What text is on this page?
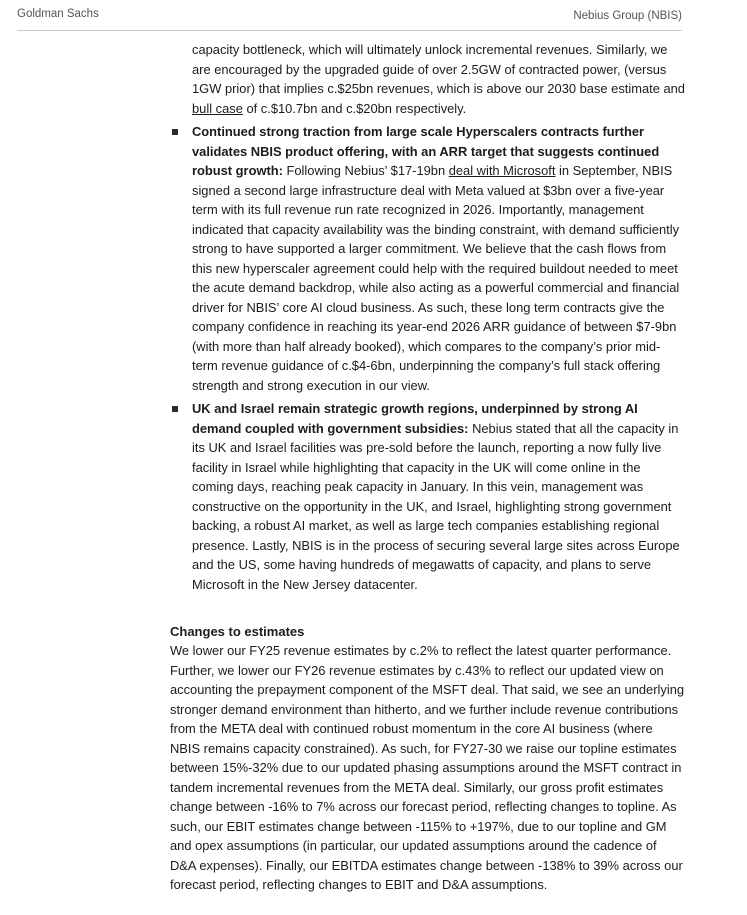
Goldman Sachs	Nebius Group (NBIS)

capacity bottleneck, which will ultimately unlock incremental revenues. Similarly, we are encouraged by the upgraded guide of over 2.5GW of contracted power, (versus 1GW prior) that implies c.$25bn revenues, which is above our 2030 base estimate and bull case of c.$10.7bn and c.$20bn respectively.

Continued strong traction from large scale Hyperscalers contracts further validates NBIS product offering, with an ARR target that suggests continued robust growth: Following Nebius’ $17-19bn deal with Microsoft in September, NBIS signed a second large infrastructure deal with Meta valued at $3bn over a five-year term with its full revenue run rate recognized in 2026. Importantly, management indicated that capacity availability was the binding constraint, with demand sufficiently strong to have supported a larger commitment. We believe that the cash flows from this new hyperscaler agreement could help with the required buildout needed to meet the acute demand backdrop, while also acting as a powerful commercial and financial driver for NBIS’ core AI cloud business. As such, these long term contracts give the company confidence in reaching its year-end 2026 ARR guidance of between $7-9bn (with more than half already booked), which compares to the company’s prior mid-term revenue guidance of c.$4-6bn, underpinning the company’s full stack offering strength and strong execution in our view.

UK and Israel remain strategic growth regions, underpinned by strong AI demand coupled with government subsidies: Nebius stated that all the capacity in its UK and Israel facilities was pre-sold before the launch, reporting a now fully live facility in Israel while highlighting that capacity in the UK will come online in the coming days, reaching peak capacity in January. In this vein, management was constructive on the opportunity in the UK, and Israel, highlighting strong government backing, a robust AI market, as well as large tech companies establishing regional presence. Lastly, NBIS is in the process of securing several large sites across Europe and the US, some having hundreds of megawatts of capacity, and plans to serve Microsoft in the New Jersey datacenter.

Changes to estimates

We lower our FY25 revenue estimates by c.2% to reflect the latest quarter performance. Further, we lower our FY26 revenue estimates by c.43% to reflect our updated view on accounting the prepayment component of the MSFT deal. That said, we see an underlying stronger demand environment than hitherto, and we further include revenue contributions from the META deal with continued robust momentum in the core AI business (where NBIS remains capacity constrained). As such, for FY27-30 we raise our topline estimates between 15%-32% due to our updated phasing assumptions around the MSFT contract in tandem incremental revenues from the META deal. Similarly, our gross profit estimates change between -16% to 7% across our forecast period, reflecting changes to topline. As such, our EBIT estimates change between -115% to +197%, due to our topline and GM and opex assumptions (in particular, our updated assumptions around the cadence of D&A expenses). Finally, our EBITDA estimates change between -138% to 39% across our forecast period, reflecting changes to EBIT and D&A assumptions.
